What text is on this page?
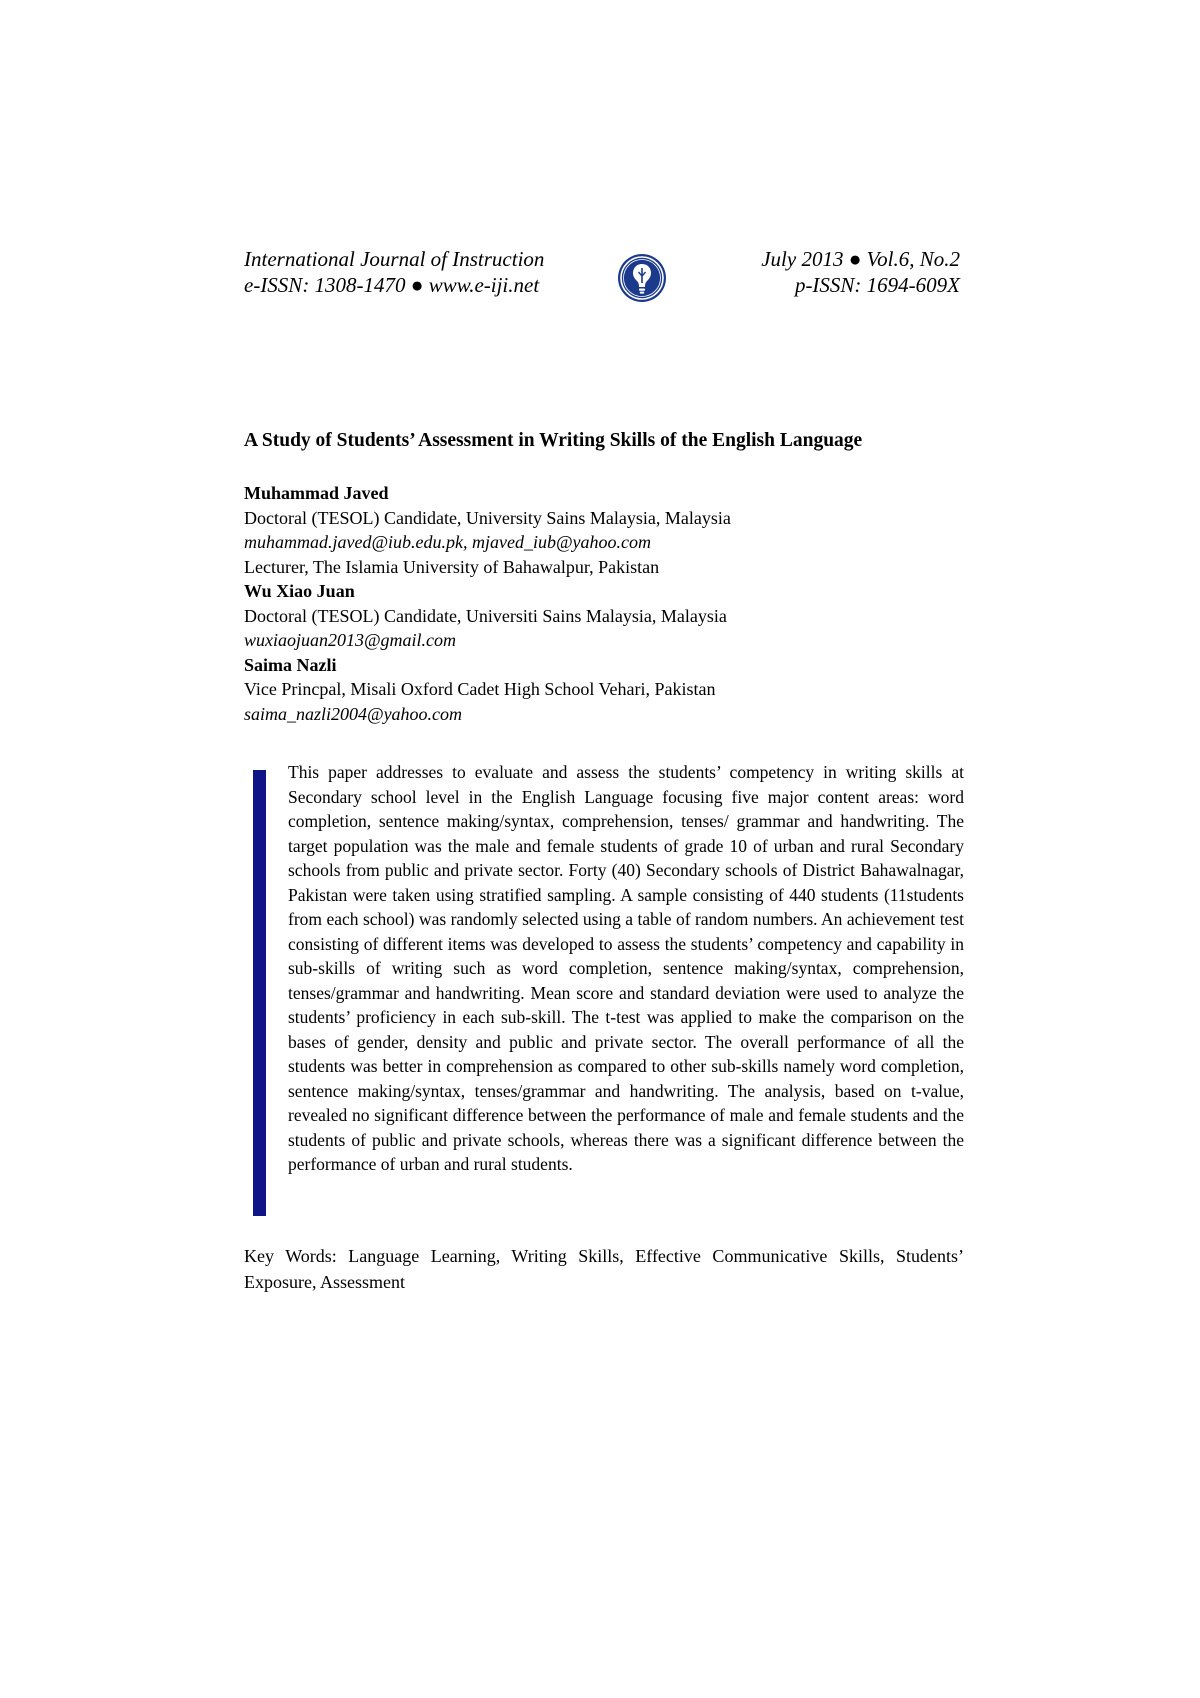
International Journal of Instruction
e-ISSN: 1308-1470 ● www.e-iji.net
July 2013 ● Vol.6, No.2
p-ISSN: 1694-609X
A Study of Students’ Assessment in Writing Skills of the English Language
Muhammad Javed
Doctoral (TESOL) Candidate, University Sains Malaysia, Malaysia
muhammad.javed@iub.edu.pk, mjaved_iub@yahoo.com
Lecturer, The Islamia University of Bahawalpur, Pakistan
Wu Xiao Juan
Doctoral (TESOL) Candidate, Universiti Sains Malaysia, Malaysia
wuxiaojuan2013@gmail.com
Saima Nazli
Vice Princpal, Misali Oxford Cadet High School Vehari, Pakistan
saima_nazli2004@yahoo.com

This paper addresses to evaluate and assess the students’ competency in writing skills at Secondary school level in the English Language focusing five major content areas: word completion, sentence making/syntax, comprehension, tenses/ grammar and handwriting. The target population was the male and female students of grade 10 of urban and rural Secondary schools from public and private sector. Forty (40) Secondary schools of District Bahawalnagar, Pakistan were taken using stratified sampling. A sample consisting of 440 students (11students from each school) was randomly selected using a table of random numbers. An achievement test consisting of different items was developed to assess the students’ competency and capability in sub-skills of writing such as word completion, sentence making/syntax, comprehension, tenses/grammar and handwriting. Mean score and standard deviation were used to analyze the students’ proficiency in each sub-skill. The t-test was applied to make the comparison on the bases of gender, density and public and private sector. The overall performance of all the students was better in comprehension as compared to other sub-skills namely word completion, sentence making/syntax, tenses/grammar and handwriting. The analysis, based on t-value, revealed no significant difference between the performance of male and female students and the students of public and private schools, whereas there was a significant difference between the performance of urban and rural students.

Key Words: Language Learning, Writing Skills, Effective Communicative Skills, Students’ Exposure, Assessment
